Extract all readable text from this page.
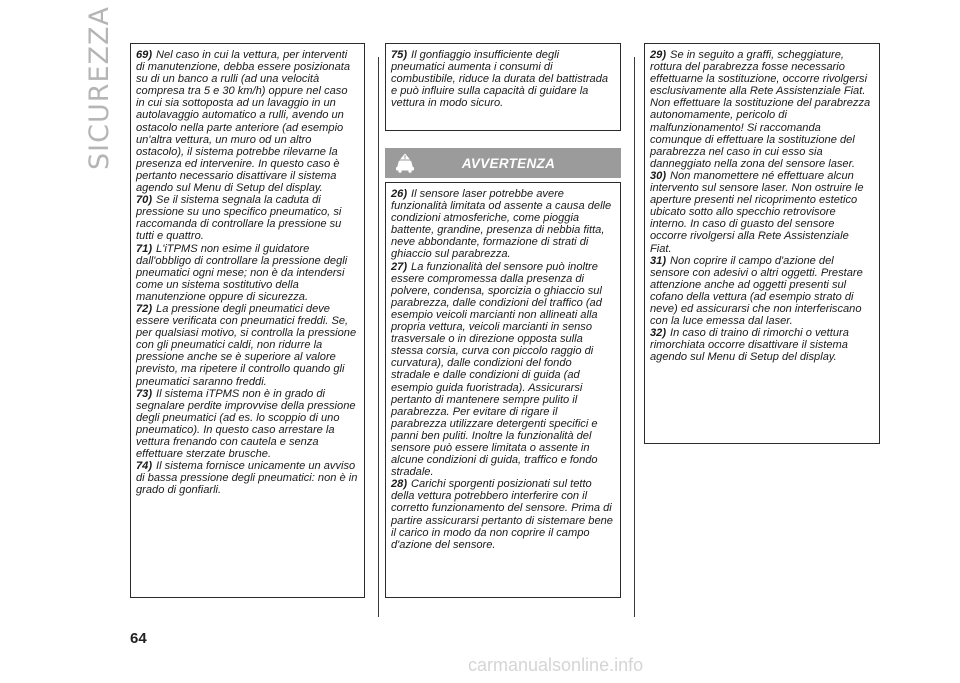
SICUREZZA 69) Nel caso in cui la vettura, per interventi di manutenzione, debba essere posizionata su di un banco a rulli (ad una velocità compresa tra 5 e 30 km/h) oppure nel caso in cui sia sottoposta ad un lavaggio in un autolavaggio automatico a rulli, avendo un ostacolo nella parte anteriore (ad esempio un'altra vettura, un muro od un altro ostacolo), il sistema potrebbe rilevarne la presenza ed intervenire. In questo caso è pertanto necessario disattivare il sistema agendo sul Menu di Setup del display.

70) Se il sistema segnala la caduta di pressione su uno specifico pneumatico, si raccomanda di controllare la pressione su tutti e quattro.

71) L'iTPMS non esime il guidatore dall'obbligo di controllare la pressione degli pneumatici ogni mese; non è da intendersi come un sistema sostitutivo della manutenzione oppure di sicurezza.

72) La pressione degli pneumatici deve essere verificata con pneumatici freddi. Se, per qualsiasi motivo, si controlla la pressione con gli pneumatici caldi, non ridurre la pressione anche se è superiore al valore previsto, ma ripetere il controllo quando gli pneumatici saranno freddi.

73) Il sistema iTPMS non è in grado di segnalare perdite improvvise della pressione degli pneumatici (ad es. lo scoppio di uno pneumatico). In questo caso arrestare la vettura frenando con cautela e senza effettuare sterzate brusche.

74) Il sistema fornisce unicamente un avviso di bassa pressione degli pneumatici: non è in grado di gonfiarli.

75) Il gonfiaggio insufficiente degli pneumatici aumenta i consumi di combustibile, riduce la durata del battistrada e può influire sulla capacità di guidare la vettura in modo sicuro.

AVVERTENZA

26) Il sensore laser potrebbe avere funzionalità limitata od assente a causa delle condizioni atmosferiche, come pioggia battente, grandine, presenza di nebbia fitta, neve abbondante, formazione di strati di ghiaccio sul parabrezza.

27) La funzionalità del sensore può inoltre essere compromessa dalla presenza di polvere, condensa, sporcizia o ghiaccio sul parabrezza, dalle condizioni del traffico (ad esempio veicoli marcianti non allineati alla propria vettura, veicoli marcianti in senso trasversale o in direzione opposta sulla stessa corsia, curva con piccolo raggio di curvatura), dalle condizioni del fondo stradale e dalle condizioni di guida (ad esempio guida fuoristrada). Assicurarsi pertanto di mantenere sempre pulito il parabrezza. Per evitare di rigare il parabrezza utilizzare detergenti specifici e panni ben puliti. Inoltre la funzionalità del sensore può essere limitata o assente in alcune condizioni di guida, traffico e fondo stradale.

28) Carichi sporgenti posizionati sul tetto della vettura potrebbero interferire con il corretto funzionamento del sensore. Prima di partire assicurarsi pertanto di sistemare bene il carico in modo da non coprire il campo d'azione del sensore.

29) Se in seguito a graffi, scheggiature, rottura del parabrezza fosse necessario effettuarne la sostituzione, occorre rivolgersi esclusivamente alla Rete Assistenziale Fiat. Non effettuare la sostituzione del parabrezza autonomamente, pericolo di malfunzionamento! Si raccomanda comunque di effettuare la sostituzione del parabrezza nel caso in cui esso sia danneggiato nella zona del sensore laser.

30) Non manomettere né effettuare alcun intervento sul sensore laser. Non ostruire le aperture presenti nel ricoprimento estetico ubicato sotto allo specchio retrovisore interno. In caso di guasto del sensore occorre rivolgersi alla Rete Assistenziale Fiat.

31) Non coprire il campo d'azione del sensore con adesivi o altri oggetti. Prestare attenzione anche ad oggetti presenti sul cofano della vettura (ad esempio strato di neve) ed assicurarsi che non interferiscano con la luce emessa dal laser.

32) In caso di traino di rimorchi o vettura rimorchiata occorre disattivare il sistema agendo sul Menu di Setup del display.

64
carmanualsonline.info
